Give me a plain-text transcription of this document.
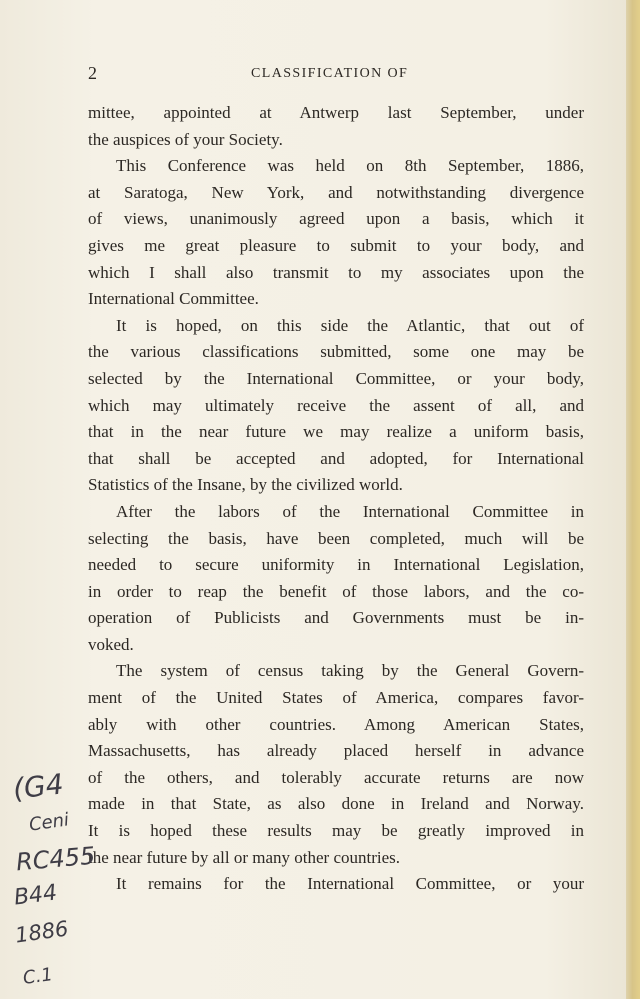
2	CLASSIFICATION OF
mittee, appointed at Antwerp last September, under
the auspices of your Society.
This Conference was held on 8th September, 1886,
at Saratoga, New York, and notwithstanding divergence
of views, unanimously agreed upon a basis, which it
gives me great pleasure to submit to your body, and
which I shall also transmit to my associates upon the
International Committee.
It is hoped, on this side the Atlantic, that out of
the various classifications submitted, some one may be
selected by the International Committee, or your body,
which may ultimately receive the assent of all, and
that in the near future we may realize a uniform basis,
that shall be accepted and adopted, for International
Statistics of the Insane, by the civilized world.
After the labors of the International Committee in
selecting the basis, have been completed, much will be
needed to secure uniformity in International Legislation,
in order to reap the benefit of those labors, and the co-
operation of Publicists and Governments must be in-
voked.
The system of census taking by the General Govern-
ment of the United States of America, compares favor-
ably with other countries. Among American States,
Massachusetts, has already placed herself in advance
of the others, and tolerably accurate returns are now
made in that State, as also done in Ireland and Norway.
It is hoped these results may be greatly improved in
the near future by all or many other countries.
It remains for the International Committee, or your
(G4
Ceni
RC455
B44
1886
C.1
